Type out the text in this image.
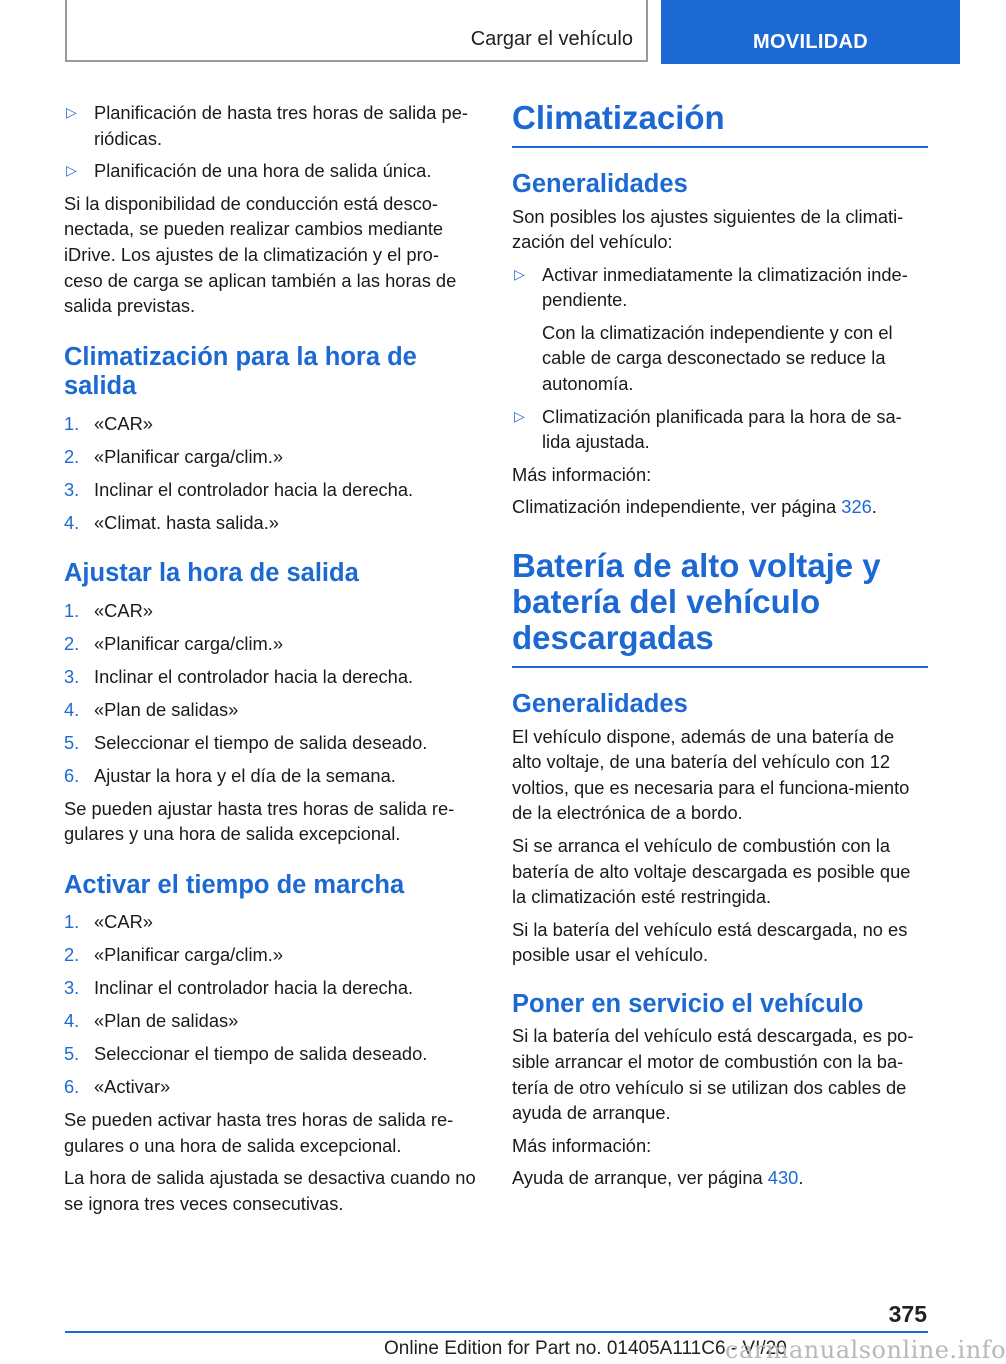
Cargar el vehículo	MOVILIDAD
▷ Planificación de hasta tres horas de salida pe‐riódicas.
▷ Planificación de una hora de salida única.

Si la disponibilidad de conducción está desco‐nectada, se pueden realizar cambios mediante iDrive. Los ajustes de la climatización y el pro‐ceso de carga se aplican también a las horas de salida previstas.

Climatización para la hora de salida
1. «CAR»
2. «Planificar carga/clim.»
3. Inclinar el controlador hacia la derecha.
4. «Climat. hasta salida.»
Ajustar la hora de salida
1. «CAR»
2. «Planificar carga/clim.»
3. Inclinar el controlador hacia la derecha.
4. «Plan de salidas»
5. Seleccionar el tiempo de salida deseado.
6. Ajustar la hora y el día de la semana.

Se pueden ajustar hasta tres horas de salida re‐gulares y una hora de salida excepcional.

Activar el tiempo de marcha
1. «CAR»
2. «Planificar carga/clim.»
3. Inclinar el controlador hacia la derecha.
4. «Plan de salidas»
5. Seleccionar el tiempo de salida deseado.
6. «Activar»

Se pueden activar hasta tres horas de salida re‐gulares o una hora de salida excepcional.

La hora de salida ajustada se desactiva cuando no se ignora tres veces consecutivas.

Climatización
Generalidades

Son posibles los ajustes siguientes de la climati‐zación del vehículo:

▷ Activar inmediatamente la climatización inde‐pendiente.
Con la climatización independiente y con el cable de carga desconectado se reduce la autonomía.
▷ Climatización planificada para la hora de sa‐lida ajustada.

Más información:

Climatización independiente, ver página 326.

Batería de alto voltaje y batería del vehículo descargadas
Generalidades

El vehículo dispone, además de una batería de alto voltaje, de una batería del vehículo con 12 voltios, que es necesaria para el funciona‐miento de la electrónica de a bordo.

Si se arranca el vehículo de combustión con la batería de alto voltaje descargada es posible que la climatización esté restringida.

Si la batería del vehículo está descargada, no es posible usar el vehículo.

Poner en servicio el vehículo

Si la batería del vehículo está descargada, es po‐sible arrancar el motor de combustión con la ba‐tería de otro vehículo si se utilizan dos cables de ayuda de arranque.

Más información:

Ayuda de arranque, ver página 430.

375
Online Edition for Part no. 01405A111C6 - VI/20
carmanualsonline.info
